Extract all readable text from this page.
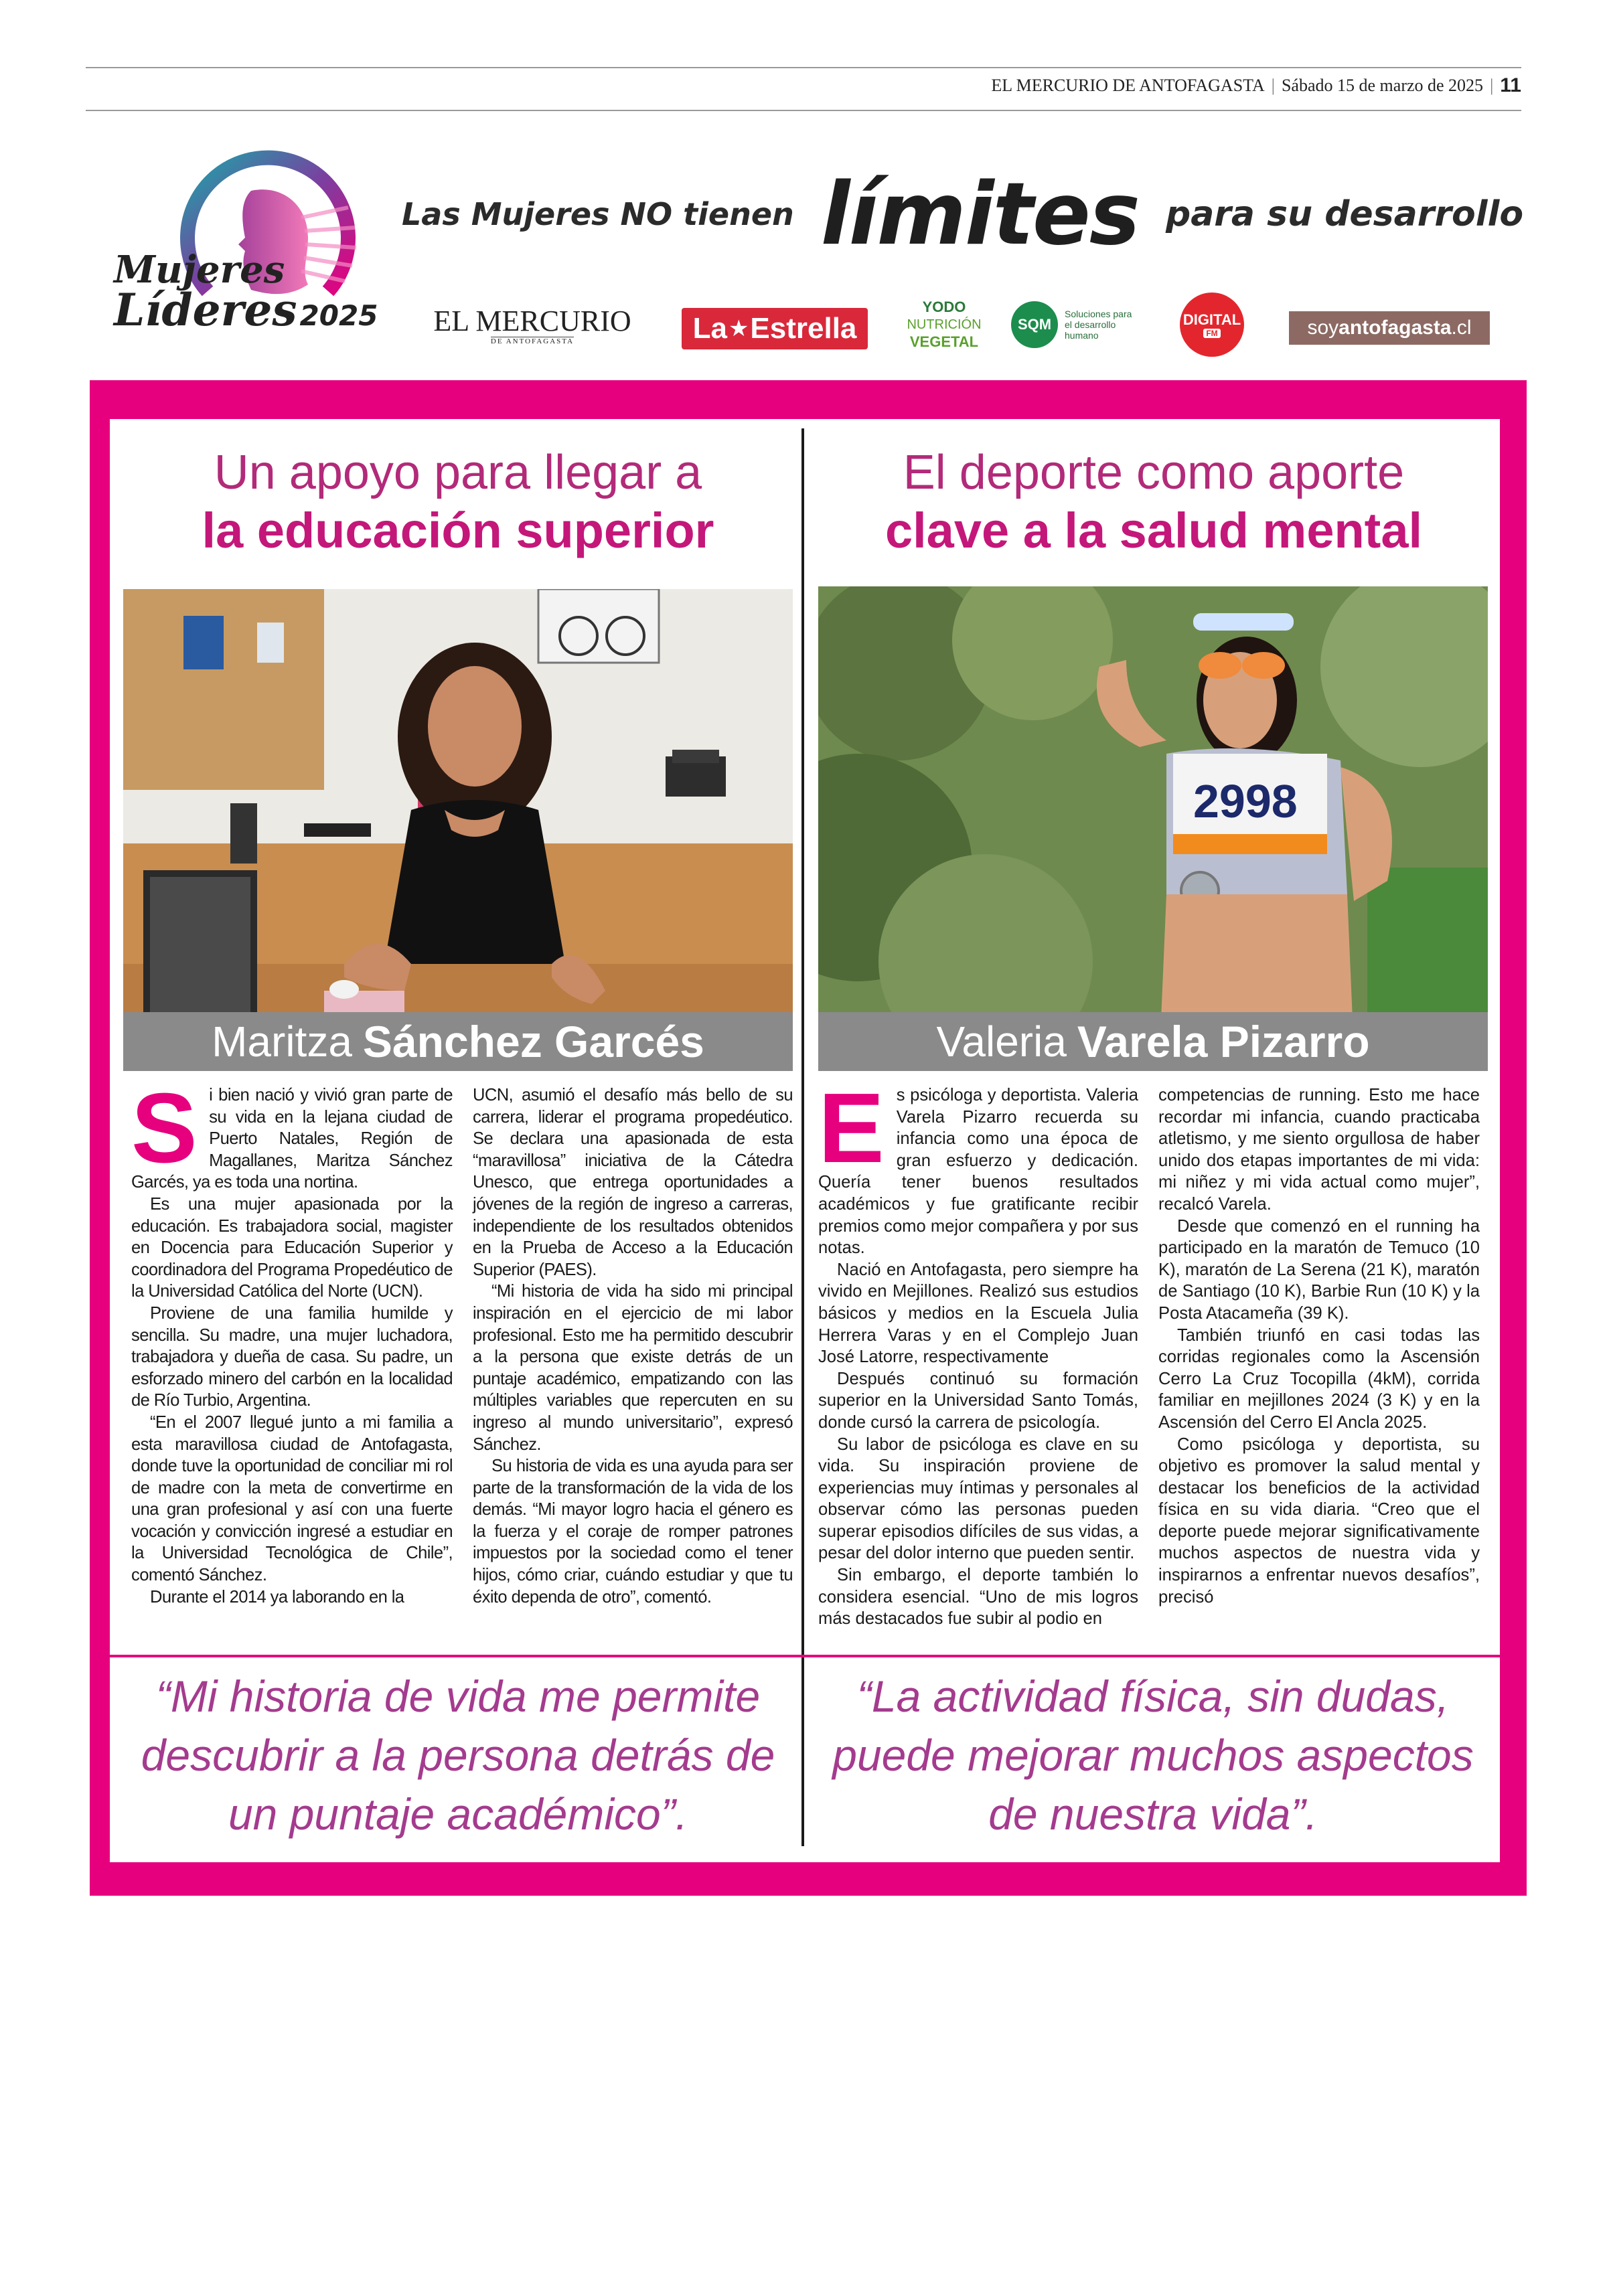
EL MERCURIO DE ANTOFAGASTA | Sábado 15 de marzo de 2025 | 11
Mujeres
Líderes2025
Las Mujeres NO tienen límites para su desarrollo
EL MERCURIO
DE ANTOFAGASTA	La ★ Estrella
YODO
NUTRICIÓN
VEGETAL
SQM
Soluciones para el desarrollo humano
DIGITAL
FM	soy antofagasta .cl
Un apoyo para llegar a
la educación superior
Maritza Sánchez Garcés
S i bien nació y vivió gran parte de su vida en la lejana ciudad de Puerto Natales, Región de Magallanes, Maritza Sánchez Garcés, ya es toda una nortina.

Es una mujer apasionada por la educación. Es trabajadora social, magister en Docencia para Educación Superior y coordinadora del Programa Propedéutico de la Universidad Católica del Norte (UCN).

Proviene de una familia humilde y sencilla. Su madre, una mujer luchadora, trabajadora y dueña de casa. Su padre, un esforzado minero del carbón en la localidad de Río Turbio, Argentina.

“En el 2007 llegué junto a mi familia a esta maravillosa ciudad de Antofagasta, donde tuve la oportunidad de conciliar mi rol de madre con la meta de convertirme en una gran profesional y así con una fuerte vocación y convicción ingresé a estudiar en la Universidad Tecnológica de Chile”, comentó Sánchez.

Durante el 2014 ya laborando en la

UCN, asumió el desafío más bello de su carrera, liderar el programa propedéutico. Se declara una apasionada de esta “maravillosa” iniciativa de la Cátedra Unesco, que entrega oportunidades a jóvenes de la región de ingreso a carreras, independiente de los resultados obtenidos en la Prueba de Acceso a la Educación Superior (PAES).

“Mi historia de vida ha sido mi principal inspiración en el ejercicio de mi labor profesional. Esto me ha permitido descubrir a la persona que existe detrás de un puntaje académico, empatizando con las múltiples variables que repercuten en su ingreso al mundo universitario”, expresó Sánchez.

Su historia de vida es una ayuda para ser parte de la transformación de la vida de los demás. “Mi mayor logro hacia el género es la fuerza y el coraje de romper patrones impuestos por la sociedad como el tener hijos, cómo criar, cuándo estudiar y que tu éxito dependa de otro”, comentó.

“Mi historia de vida me permite descubrir a la persona detrás de un puntaje académico”.
El deporte como aporte
clave a la salud mental
2998
Valeria Varela Pizarro
E s psicóloga y deportista. Valeria Varela Pizarro recuerda su infancia como una época de gran esfuerzo y dedicación. Quería tener buenos resultados académicos y fue gratificante recibir premios como mejor compañera y por sus notas.

Nació en Antofagasta, pero siempre ha vivido en Mejillones. Realizó sus estudios básicos y medios en la Escuela Julia Herrera Varas y en el Complejo Juan José Latorre, respectivamente

Después continuó su formación superior en la Universidad Santo Tomás, donde cursó la carrera de psicología.

Su labor de psicóloga es clave en su vida. Su inspiración proviene de experiencias muy íntimas y personales al observar cómo las personas pueden superar episodios difíciles de sus vidas, a pesar del dolor interno que pueden sentir.

Sin embargo, el deporte también lo considera esencial. “Uno de mis logros más destacados fue subir al podio en

competencias de running. Esto me hace recordar mi infancia, cuando practicaba atletismo, y me siento orgullosa de haber unido dos etapas importantes de mi vida: mi niñez y mi vida actual como mujer”, recalcó Varela.

Desde que comenzó en el running ha participado en la maratón de Temuco (10 K), maratón de La Serena (21 K), maratón de Santiago (10 K), Barbie Run (10 K) y la Posta Atacameña (39 K).

También triunfó en casi todas las corridas regionales como la Ascensión Cerro La Cruz Tocopilla (4kM), corrida familiar en mejillones 2024 (3 K) y en la Ascensión del Cerro El Ancla 2025.

Como psicóloga y deportista, su objetivo es promover la salud mental y destacar los beneficios de la actividad física en su vida diaria. “Creo que el deporte puede mejorar significativamente muchos aspectos de nuestra vida y inspirarnos a enfrentar nuevos desafíos”, precisó

“La actividad física, sin dudas, puede mejorar muchos aspectos de nuestra vida”.
